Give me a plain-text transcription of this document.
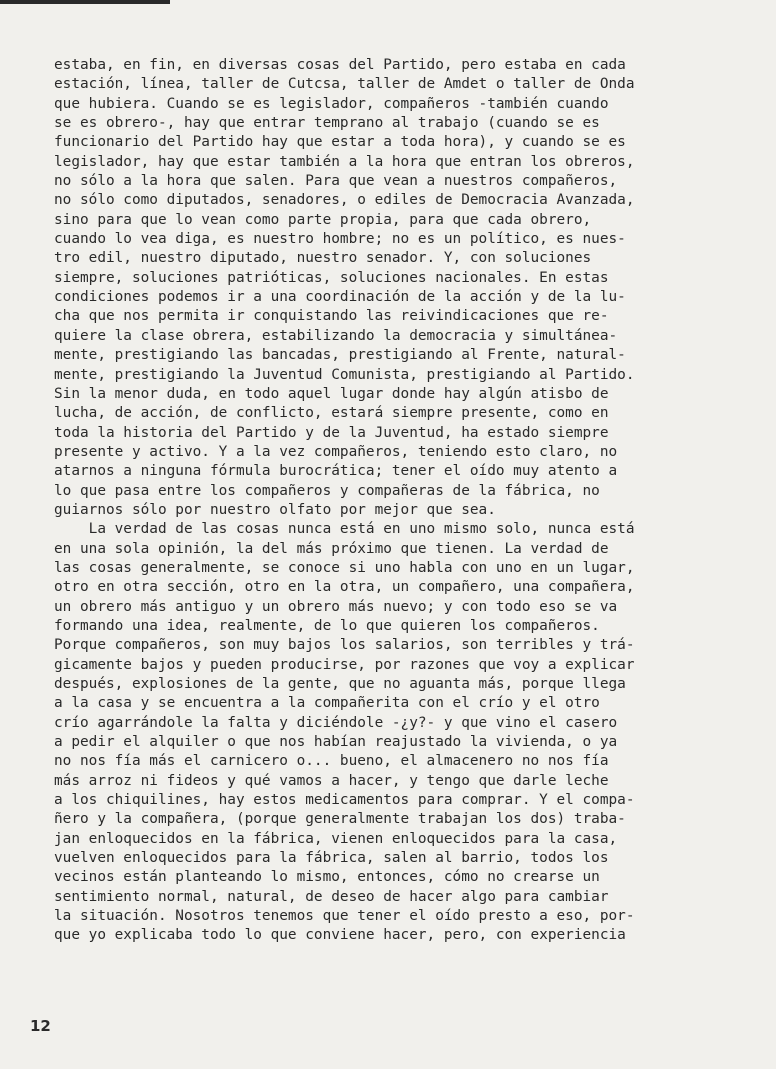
estaba, en fin, en diversas cosas del Partido, pero estaba en cada
estación, línea, taller de Cutcsa, taller de Amdet o taller de Onda
que hubiera. Cuando se es legislador, compañeros -también cuando
se es obrero-, hay que entrar temprano al trabajo (cuando se es
funcionario del Partido hay que estar a toda hora), y cuando se es
legislador, hay que estar también a la hora que entran los obreros,
no sólo a la hora que salen. Para que vean a nuestros compañeros,
no sólo como diputados, senadores, o ediles de Democracia Avanzada,
sino para que lo vean como parte propia, para que cada obrero,
cuando lo vea diga, es nuestro hombre; no es un político, es nues-
tro edil, nuestro diputado, nuestro senador. Y, con soluciones
siempre, soluciones patrióticas, soluciones nacionales. En estas
condiciones podemos ir a una coordinación de la acción y de la lu-
cha que nos permita ir conquistando las reivindicaciones que re-
quiere la clase obrera, estabilizando la democracia y simultánea-
mente, prestigiando las bancadas, prestigiando al Frente, natural-
mente, prestigiando la Juventud Comunista, prestigiando al Partido.
Sin la menor duda, en todo aquel lugar donde hay algún atisbo de
lucha, de acción, de conflicto, estará siempre presente, como en
toda la historia del Partido y de la Juventud, ha estado siempre
presente y activo. Y a la vez compañeros, teniendo esto claro, no
atarnos a ninguna fórmula burocrática; tener el oído muy atento a
lo que pasa entre los compañeros y compañeras de la fábrica, no
guiarnos sólo por nuestro olfato por mejor que sea.
La verdad de las cosas nunca está en uno mismo solo, nunca está
en una sola opinión, la del más próximo que tienen. La verdad de
las cosas generalmente, se conoce si uno habla con uno en un lugar,
otro en otra sección, otro en la otra, un compañero, una compañera,
un obrero más antiguo y un obrero más nuevo; y con todo eso se va
formando una idea, realmente, de lo que quieren los compañeros.
Porque compañeros, son muy bajos los salarios, son terribles y trá-
gicamente bajos y pueden producirse, por razones que voy a explicar
después, explosiones de la gente, que no aguanta más, porque llega
a la casa y se encuentra a la compañerita con el crío y el otro
crío agarrándole la falta y diciéndole -¿y?- y que vino el casero
a pedir el alquiler o que nos habían reajustado la vivienda, o ya
no nos fía más el carnicero o... bueno, el almacenero no nos fía
más arroz ni fideos y qué vamos a hacer, y tengo que darle leche
a los chiquilines, hay estos medicamentos para comprar. Y el compa-
ñero y la compañera, (porque generalmente trabajan los dos) traba-
jan enloquecidos en la fábrica, vienen enloquecidos para la casa,
vuelven enloquecidos para la fábrica, salen al barrio, todos los
vecinos están planteando lo mismo, entonces, cómo no crearse un
sentimiento normal, natural, de deseo de hacer algo para cambiar
la situación. Nosotros tenemos que tener el oído presto a eso, por-
que yo explicaba todo lo que conviene hacer, pero, con experiencia
12
